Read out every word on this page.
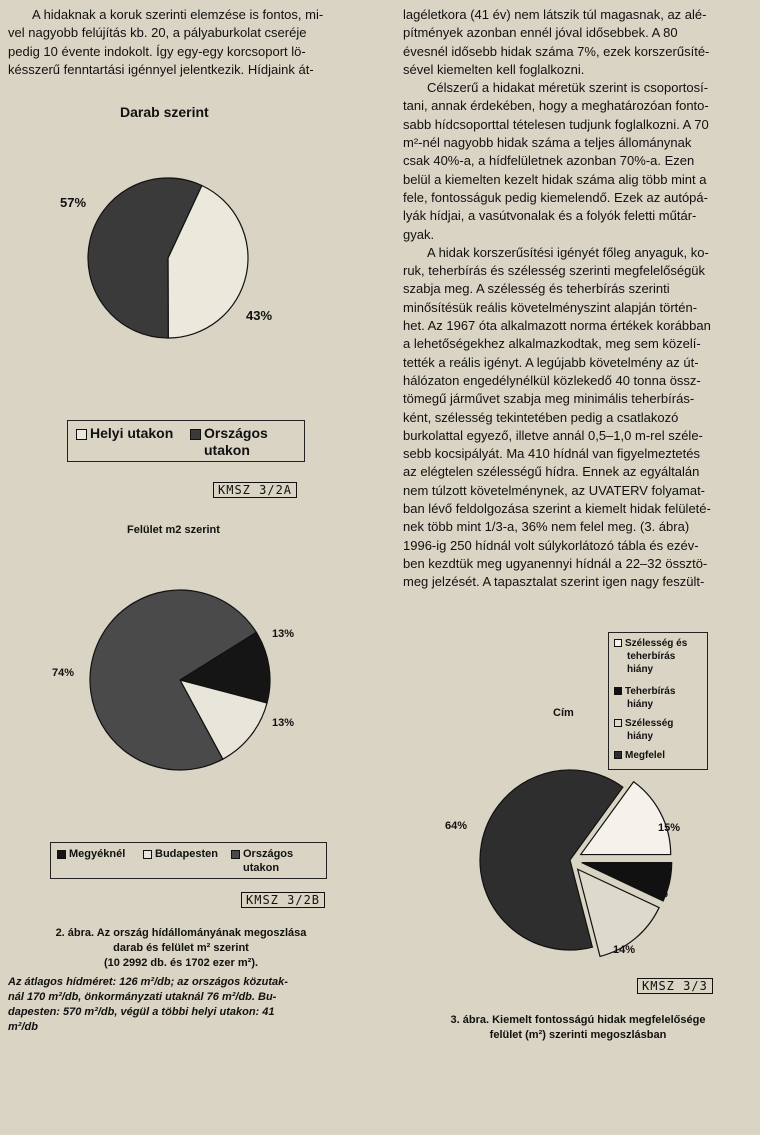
A hidaknak a koruk szerinti elemzése is fontos, mi-
vel nagyobb felújítás kb. 20, a pályaburkolat cseréje
pedig 10 évente indokolt. Így egy-egy korcsoport lö-
késszerű fenntartási igénnyel jelentkezik. Hídjaink át-
Darab szerint
57%
43%
Helyi utakon	Országos
utakon
KMSZ 3/2A
Felület m2 szerint
74%
13%
13%
Megyéknél	Budapesten	Országos
utakon
KMSZ 3/2B
2. ábra. Az ország hídállományának megoszlása
darab és felület m² szerint
(10 2992 db. és 1702 ezer m²).
Az átlagos hídméret: 126 m²/db; az országos közutak-
nál 170 m²/db, önkormányzati utaknál 76 m²/db. Bu-
dapesten: 570 m²/db, végül a többi helyi utakon: 41
m²/db
lagéletkora (41 év) nem látszik túl magasnak, az alé-
pítmények azonban ennél jóval idősebbek. A 80
évesnél idősebb hidak száma 7%, ezek korszerűsíté-
sével kiemelten kell foglalkozni.
Célszerű a hidakat méretük szerint is csoportosí-
tani, annak érdekében, hogy a meghatározóan fonto-
sabb hídcsoporttal tételesen tudjunk foglalkozni. A 70
m²-nél nagyobb hidak száma a teljes állománynak
csak 40%-a, a hídfelületnek azonban 70%-a. Ezen
belül a kiemelten kezelt hidak száma alig több mint a
fele, fontosságuk pedig kiemelendő. Ezek az autópá-
lyák hídjai, a vasútvonalak és a folyók feletti műtár-
gyak.
A hidak korszerűsítési igényét főleg anyaguk, ko-
ruk, teherbírás és szélesség szerinti megfelelőségük
szabja meg. A szélesség és teherbírás szerinti
minősítésük reális követelményszint alapján történ-
het. Az 1967 óta alkalmazott norma értékek korábban
a lehetőségekhez alkalmazkodtak, meg sem közelí-
tették a reális igényt. A legújabb követelmény az út-
hálózaton engedélynélkül közlekedő 40 tonna össz-
tömegű járművet szabja meg minimális teherbírás-
ként, szélesség tekintetében pedig a csatlakozó
burkolattal egyező, illetve annál 0,5–1,0 m-rel széle-
sebb kocsipályát. Ma 410 hídnál van figyelmeztetés
az elégtelen szélességű hídra. Ennek az egyáltalán
nem túlzott követelménynek, az UVATERV folyamat-
ban lévő feldolgozása szerint a kiemelt hidak felületé-
nek több mint 1/3-a, 36% nem felel meg. (3. ábra)
1996-ig 250 hídnál volt súlykorlátozó tábla és ezév-
ben kezdtük meg ugyanennyi hídnál a 22–32 össztö-
meg jelzését. A tapasztalat szerint igen nagy feszült-
Cím
Szélesség és
teherbírás
hiány
Teherbírás
hiány
Szélesség
hiány
Megfelel
64%	15%
7%
14%
KMSZ 3/3
3. ábra. Kiemelt fontosságú hidak megfelelősége
felület (m²) szerinti megoszlásban
